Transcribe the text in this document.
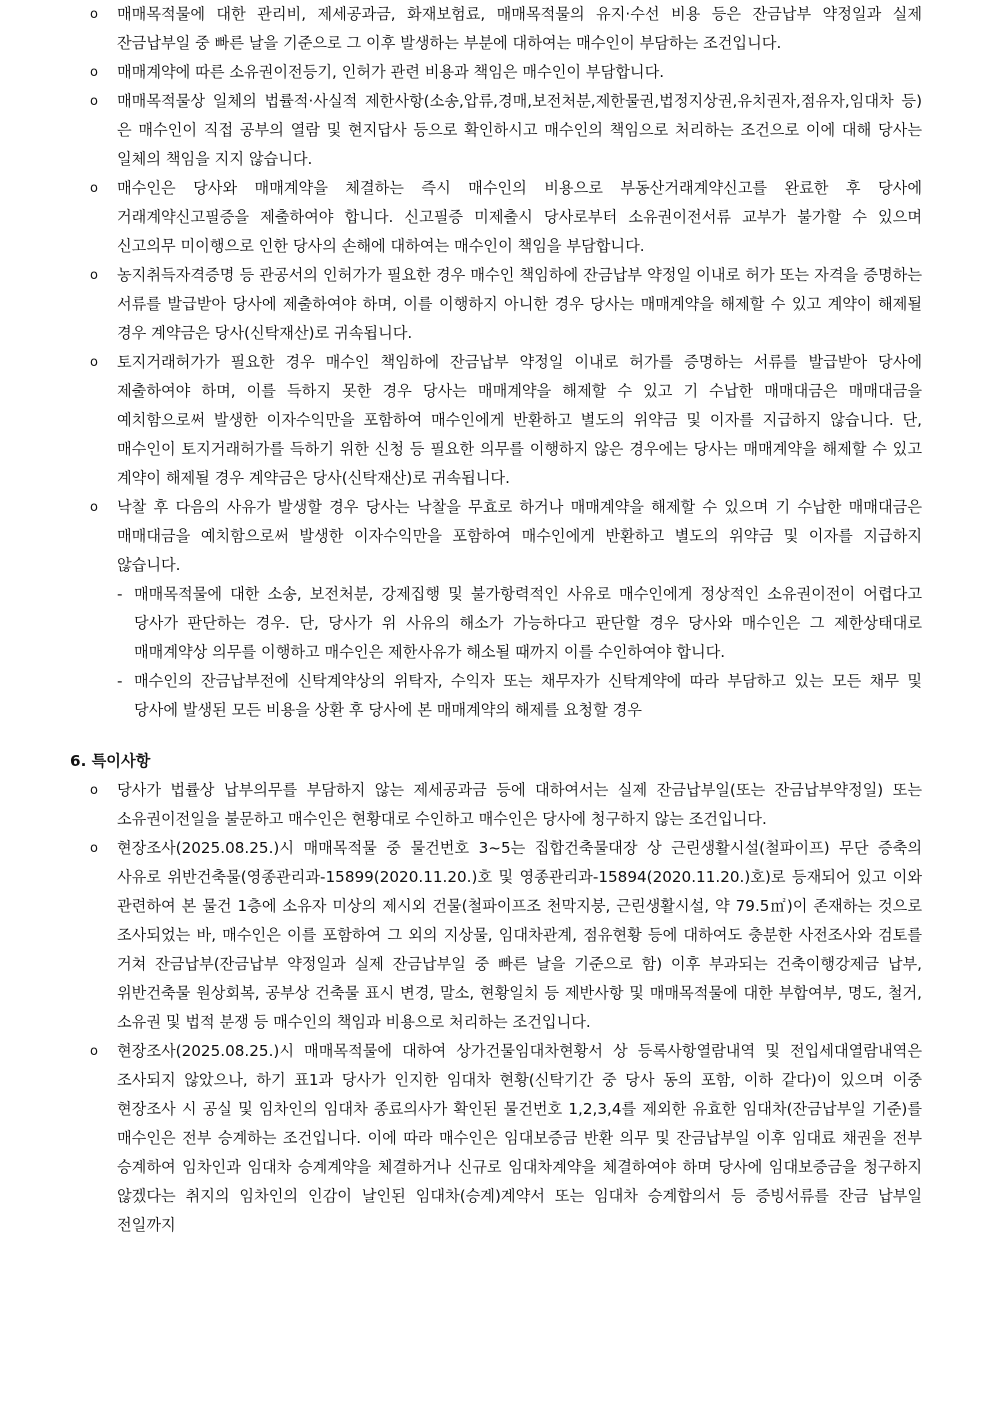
o 매매목적물에 대한 관리비, 제세공과금, 화재보험료, 매매목적물의 유지·수선 비용 등은 잔금납부 약정일과 실제 잔금납부일 중 빠른 날을 기준으로 그 이후 발생하는 부분에 대하여는 매수인이 부담하는 조건입니다.
o 매매계약에 따른 소유권이전등기, 인허가 관련 비용과 책임은 매수인이 부담합니다.
o 매매목적물상 일체의 법률적·사실적 제한사항(소송,압류,경매,보전처분,제한물권,법정지상권,유치권자,점유자,임대차 등)은 매수인이 직접 공부의 열람 및 현지답사 등으로 확인하시고 매수인의 책임으로 처리하는 조건으로 이에 대해 당사는 일체의 책임을 지지 않습니다.
o 매수인은 당사와 매매계약을 체결하는 즉시 매수인의 비용으로 부동산거래계약신고를 완료한 후 당사에 거래계약신고필증을 제출하여야 합니다. 신고필증 미제출시 당사로부터 소유권이전서류 교부가 불가할 수 있으며 신고의무 미이행으로 인한 당사의 손해에 대하여는 매수인이 책임을 부담합니다.
o 농지취득자격증명 등 관공서의 인허가가 필요한 경우 매수인 책임하에 잔금납부 약정일 이내로 허가 또는 자격을 증명하는 서류를 발급받아 당사에 제출하여야 하며, 이를 이행하지 아니한 경우 당사는 매매계약을 해제할 수 있고 계약이 해제될 경우 계약금은 당사(신탁재산)로 귀속됩니다.
o 토지거래허가가 필요한 경우 매수인 책임하에 잔금납부 약정일 이내로 허가를 증명하는 서류를 발급받아 당사에 제출하여야 하며, 이를 득하지 못한 경우 당사는 매매계약을 해제할 수 있고 기 수납한 매매대금은 매매대금을 예치함으로써 발생한 이자수익만을 포함하여 매수인에게 반환하고 별도의 위약금 및 이자를 지급하지 않습니다. 단, 매수인이 토지거래허가를 득하기 위한 신청 등 필요한 의무를 이행하지 않은 경우에는 당사는 매매계약을 해제할 수 있고 계약이 해제될 경우 계약금은 당사(신탁재산)로 귀속됩니다.
o 낙찰 후 다음의 사유가 발생할 경우 당사는 낙찰을 무효로 하거나 매매계약을 해제할 수 있으며 기 수납한 매매대금은 매매대금을 예치함으로써 발생한 이자수익만을 포함하여 매수인에게 반환하고 별도의 위약금 및 이자를 지급하지 않습니다.
- 매매목적물에 대한 소송, 보전처분, 강제집행 및 불가항력적인 사유로 매수인에게 정상적인 소유권이전이 어렵다고 당사가 판단하는 경우. 단, 당사가 위 사유의 해소가 가능하다고 판단할 경우 당사와 매수인은 그 제한상태대로 매매계약상 의무를 이행하고 매수인은 제한사유가 해소될 때까지 이를 수인하여야 합니다.
- 매수인의 잔금납부전에 신탁계약상의 위탁자, 수익자 또는 채무자가 신탁계약에 따라 부담하고 있는 모든 채무 및 당사에 발생된 모든 비용을 상환 후 당사에 본 매매계약의 해제를 요청할 경우
6. 특이사항
o 당사가 법률상 납부의무를 부담하지 않는 제세공과금 등에 대하여서는 실제 잔금납부일(또는 잔금납부약정일) 또는 소유권이전일을 불문하고 매수인은 현황대로 수인하고 매수인은 당사에 청구하지 않는 조건입니다.
o 현장조사(2025.08.25.)시 매매목적물 중 물건번호 3~5는 집합건축물대장 상 근린생활시설(철파이프) 무단 증축의 사유로 위반건축물(영종관리과-15899(2020.11.20.)호 및 영종관리과-15894(2020.11.20.)호)로 등재되어 있고 이와 관련하여 본 물건 1층에 소유자 미상의 제시외 건물(철파이프조 천막지붕, 근린생활시설, 약 79.5㎡)이 존재하는 것으로 조사되었는 바, 매수인은 이를 포함하여 그 외의 지상물, 임대차관계, 점유현황 등에 대하여도 충분한 사전조사와 검토를 거쳐 잔금납부(잔금납부 약정일과 실제 잔금납부일 중 빠른 날을 기준으로 함) 이후 부과되는 건축이행강제금 납부, 위반건축물 원상회복, 공부상 건축물 표시 변경, 말소, 현황일치 등 제반사항 및 매매목적물에 대한 부합여부, 명도, 철거, 소유권 및 법적 분쟁 등 매수인의 책임과 비용으로 처리하는 조건입니다.
o 현장조사(2025.08.25.)시 매매목적물에 대하여 상가건물임대차현황서 상 등록사항열람내역 및 전입세대열람내역은 조사되지 않았으나, 하기 표1과 당사가 인지한 임대차 현황(신탁기간 중 당사 동의 포함, 이하 같다)이 있으며 이중 현장조사 시 공실 및 임차인의 임대차 종료의사가 확인된 물건번호 1,2,3,4를 제외한 유효한 임대차(잔금납부일 기준)를 매수인은 전부 승계하는 조건입니다. 이에 따라 매수인은 임대보증금 반환 의무 및 잔금납부일 이후 임대료 채권을 전부 승계하여 임차인과 임대차 승계계약을 체결하거나 신규로 임대차계약을 체결하여야 하며 당사에 임대보증금을 청구하지 않겠다는 취지의 임차인의 인감이 날인된 임대차(승계)계약서 또는 임대차 승계합의서 등 증빙서류를 잔금 납부일 전일까지
